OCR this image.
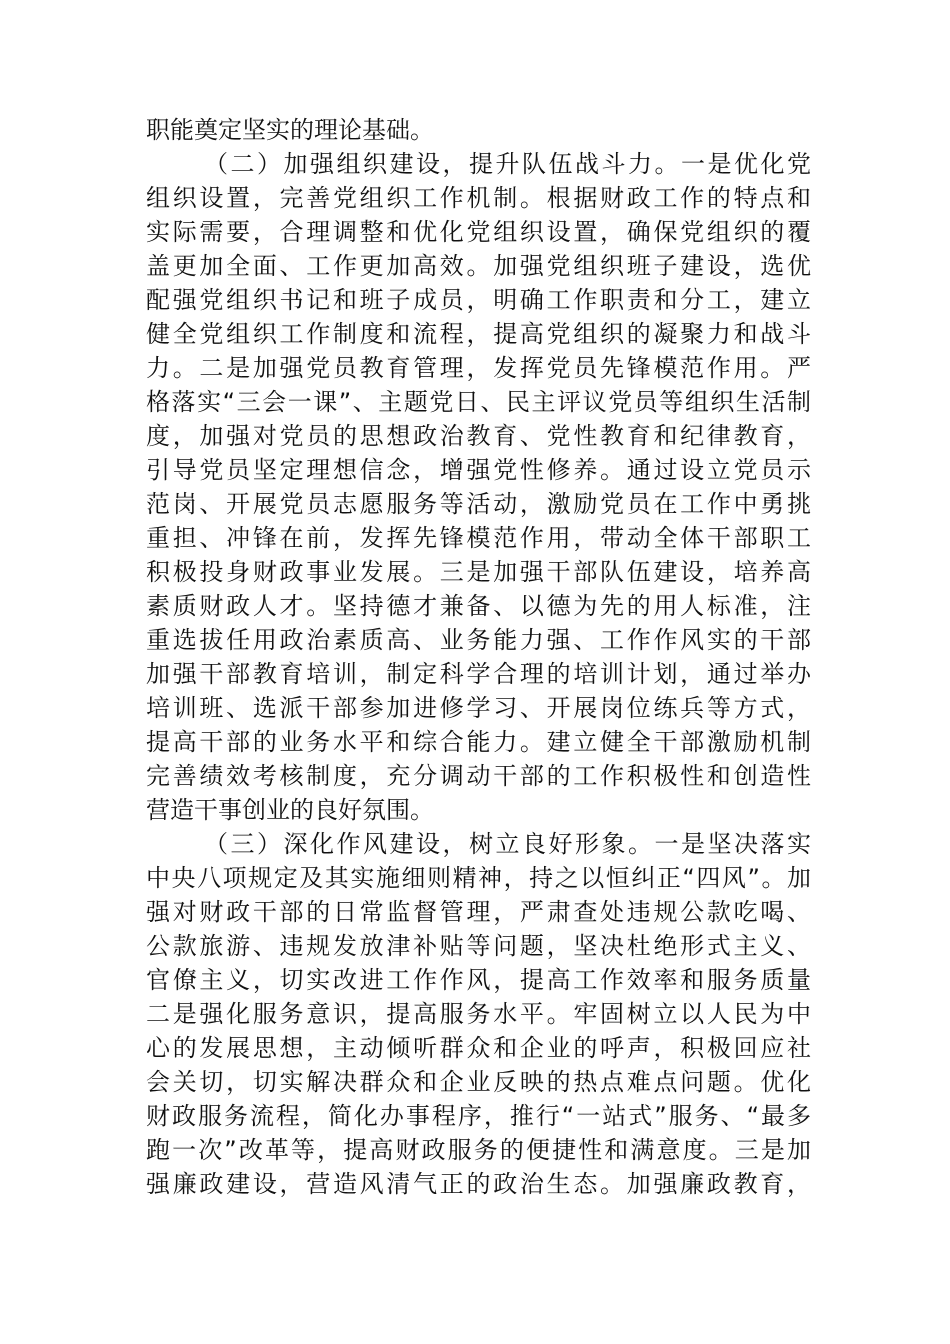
职能奠定坚实的理论基础。
（二）加强组织建设，提升队伍战斗力。一是优化党
组织设置，完善党组织工作机制。根据财政工作的特点和
实际需要，合理调整和优化党组织设置，确保党组织的覆
盖更加全面、工作更加高效。加强党组织班子建设，选优
配强党组织书记和班子成员，明确工作职责和分工，建立
健全党组织工作制度和流程，提高党组织的凝聚力和战斗
力。二是加强党员教育管理，发挥党员先锋模范作用。严
格落实“三会一课”、主题党日、民主评议党员等组织生活制
度，加强对党员的思想政治教育、党性教育和纪律教育，
引导党员坚定理想信念，增强党性修养。通过设立党员示
范岗、开展党员志愿服务等活动，激励党员在工作中勇挑
重担、冲锋在前，发挥先锋模范作用，带动全体干部职工
积极投身财政事业发展。三是加强干部队伍建设，培养高
素质财政人才。坚持德才兼备、以德为先的用人标准，注
重选拔任用政治素质高、业务能力强、工作作风实的干部
加强干部教育培训，制定科学合理的培训计划，通过举办
培训班、选派干部参加进修学习、开展岗位练兵等方式，
提高干部的业务水平和综合能力。建立健全干部激励机制
完善绩效考核制度，充分调动干部的工作积极性和创造性
营造干事创业的良好氛围。
（三）深化作风建设，树立良好形象。一是坚决落实
中央八项规定及其实施细则精神，持之以恒纠正“四风”。加
强对财政干部的日常监督管理，严肃查处违规公款吃喝、
公款旅游、违规发放津补贴等问题，坚决杜绝形式主义、
官僚主义，切实改进工作作风，提高工作效率和服务质量
二是强化服务意识，提高服务水平。牢固树立以人民为中
心的发展思想，主动倾听群众和企业的呼声，积极回应社
会关切，切实解决群众和企业反映的热点难点问题。优化
财政服务流程，简化办事程序，推行“一站式”服务、“最多
跑一次”改革等，提高财政服务的便捷性和满意度。三是加
强廉政建设，营造风清气正的政治生态。加强廉政教育，
